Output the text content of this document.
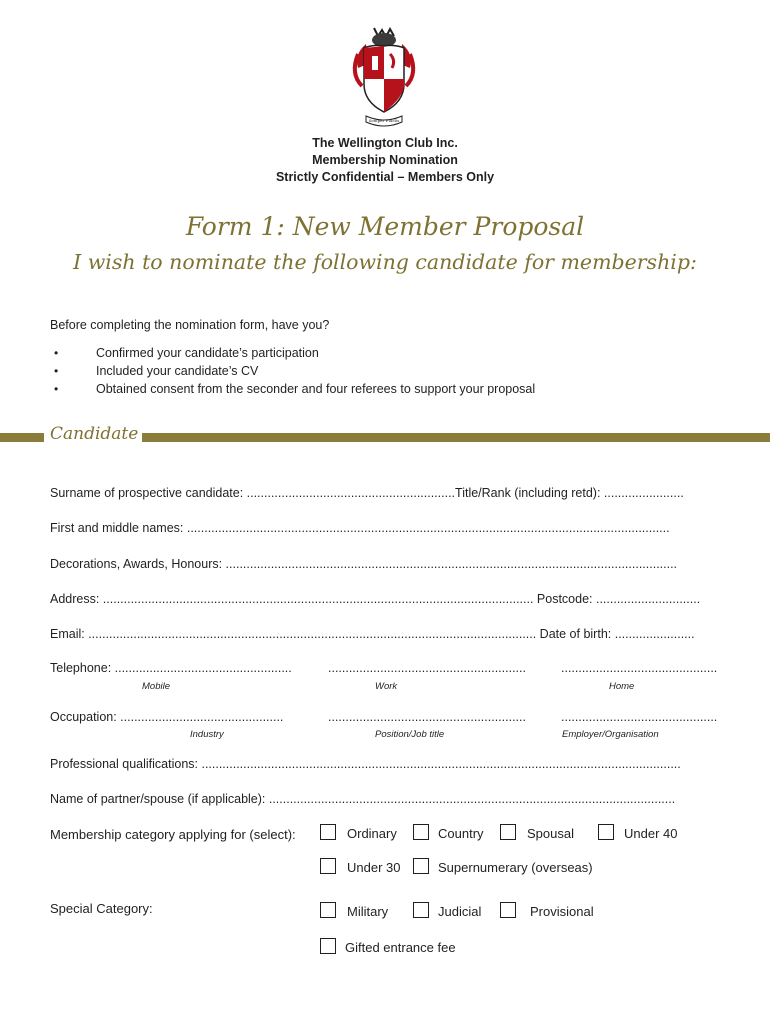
Semper Fidelis
The Wellington Club Inc.
Membership Nomination
Strictly Confidential – Members Only
Form 1: New Member Proposal
I wish to nominate the following candidate for membership:
Before completing the nomination form, have you?
•	Confirmed your candidate’s participation
•	Included your candidate’s CV
•	Obtained consent from the seconder and four referees to support your proposal
Candidate
Surname of prospective candidate: ............................................................Title/Rank (including retd): .......................
First and middle names: ...........................................................................................................................................
Decorations, Awards, Honours: ..................................................................................................................................
Address: ............................................................................................................................ Postcode: ..............................
Email: ................................................................................................................................. Date of birth: .......................
Telephone: ...................................................	.........................................................	.............................................
Mobile	Work	Home
Occupation: ...............................................	.........................................................	.............................................
Industry	Position/Job title	Employer/Organisation
Professional qualifications: ..........................................................................................................................................
Name of partner/spouse (if applicable): .....................................................................................................................
Membership category applying for (select):	Ordinary	Country	Spousal	Under 40
Under 30	Supernumerary (overseas)
Special Category:	Military	Judicial	Provisional
Gifted entrance fee
